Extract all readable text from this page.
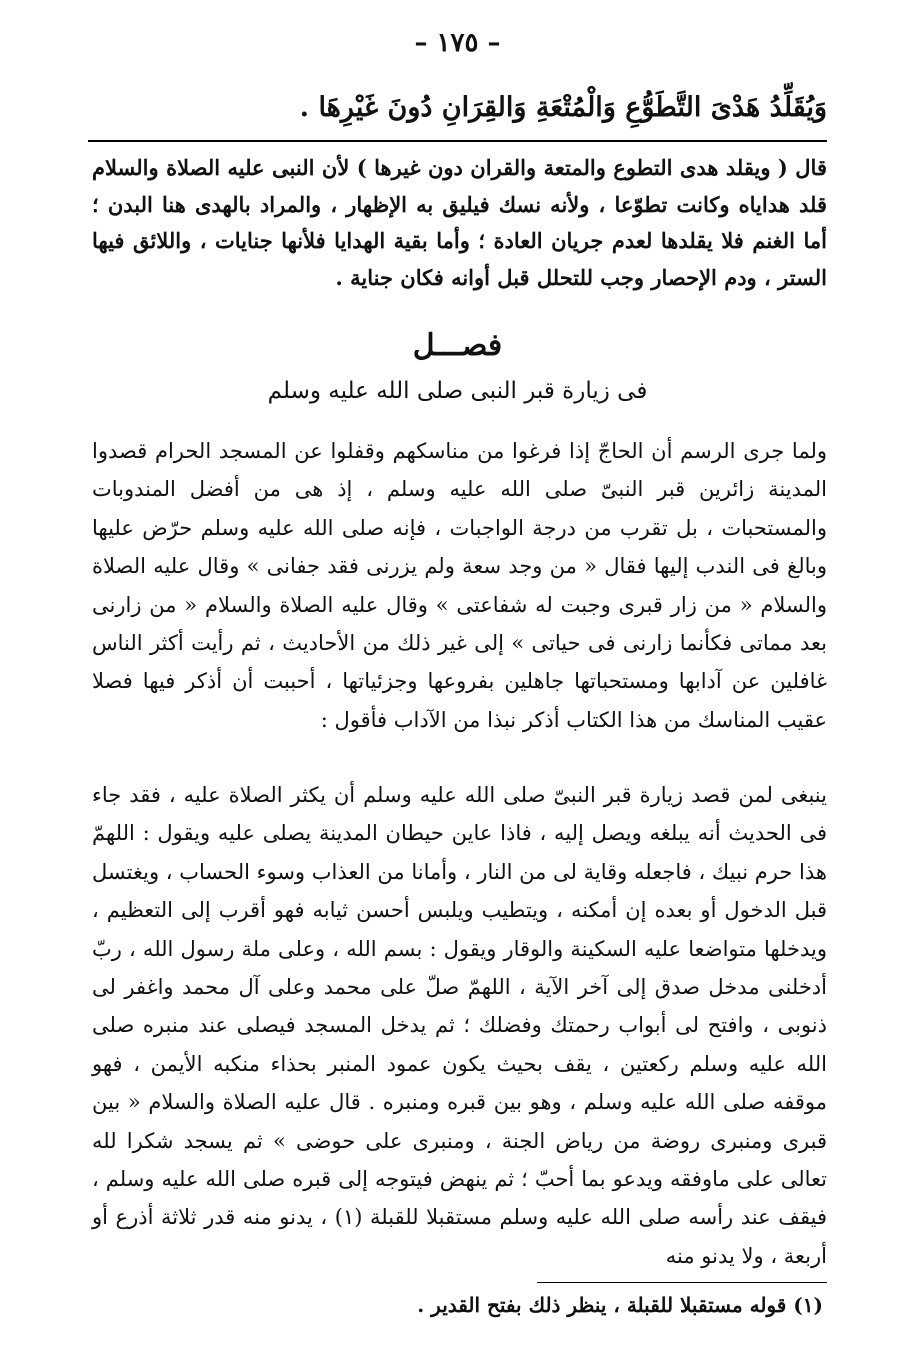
– ١٧٥ –
وَيُقَلِّدُ هَدْىَ التَّطَوُّعِ وَالْمُتْعَةِ وَالقِرَانِ دُونَ غَيْرِهَا .
قال ( ويقلد هدى التطوع والمتعة والقران دون غيرها ) لأن النبى عليه الصلاة والسلام قلد هداياه وكانت تطوّعا ، ولأنه نسك فيليق به الإظهار ، والمراد بالهدى هنا البدن ؛ أما الغنم فلا يقلدها لعدم جريان العادة ؛ وأما بقية الهدايا فلأنها جنايات ، واللائق فيها الستر ، ودم الإحصار وجب للتحلل قبل أوانه فكان جناية .
فصـــل
فى زيارة قبر النبى صلى الله عليه وسلم
ولما جرى الرسم أن الحاجّ إذا فرغوا من مناسكهم وقفلوا عن المسجد الحرام قصدوا المدينة زائرين قبر النبىّ صلى الله عليه وسلم ، إذ هى من أفضل المندوبات والمستحبات ، بل تقرب من درجة الواجبات ، فإنه صلى الله عليه وسلم حرّض عليها وبالغ فى الندب إليها فقال « من وجد سعة ولم يزرنى فقد جفانى » وقال عليه الصلاة والسلام « من زار قبرى وجبت له شفاعتى » وقال عليه الصلاة والسلام « من زارنى بعد مماتى فكأنما زارنى فى حياتى » إلى غير ذلك من الأحاديث ، ثم رأيت أكثر الناس غافلين عن آدابها ومستحباتها جاهلين بفروعها وجزئياتها ، أحببت أن أذكر فيها فصلا عقيب المناسك من هذا الكتاب أذكر نبذا من الآداب فأقول :
ينبغى لمن قصد زيارة قبر النبىّ صلى الله عليه وسلم أن يكثر الصلاة عليه ، فقد جاء فى الحديث أنه يبلغه ويصل إليه ، فاذا عاين حيطان المدينة يصلى عليه ويقول : اللهمّ هذا حرم نبيك ، فاجعله وقاية لى من النار ، وأمانا من العذاب وسوء الحساب ، ويغتسل قبل الدخول أو بعده إن أمكنه ، ويتطيب ويلبس أحسن ثيابه فهو أقرب إلى التعظيم ، ويدخلها متواضعا عليه السكينة والوقار ويقول : بسم الله ، وعلى ملة رسول الله ، ربّ أدخلنى مدخل صدق إلى آخر الآية ، اللهمّ صلّ على محمد وعلى آل محمد واغفر لى ذنوبى ، وافتح لى أبواب رحمتك وفضلك ؛ ثم يدخل المسجد فيصلى عند منبره صلى الله عليه وسلم ركعتين ، يقف بحيث يكون عمود المنبر بحذاء منكبه الأيمن ، فهو موقفه صلى الله عليه وسلم ، وهو بين قبره ومنبره . قال عليه الصلاة والسلام « بين قبرى ومنبرى روضة من رياض الجنة ، ومنبرى على حوضى » ثم يسجد شكرا لله تعالى على ماوفقه ويدعو بما أحبّ ؛ ثم ينهض فيتوجه إلى قبره صلى الله عليه وسلم ، فيقف عند رأسه صلى الله عليه وسلم مستقبلا للقبلة (١) ، يدنو منه قدر ثلاثة أذرع أو أربعة ، ولا يدنو منه
(١) قوله مستقبلا للقبلة ، ينظر ذلك بفتح القدير .
